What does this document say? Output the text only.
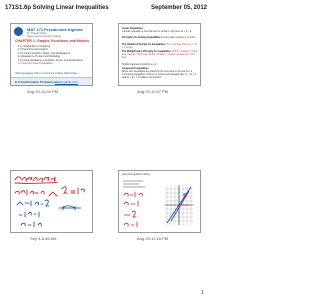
171S1.6p Solving Linear Inequalities	September 05, 2012
MAT 171 Precalculus Algebra
Dr. Claude Moore
Cape Fear Community College
CHAPTER 1: Graphs, Functions, and Models
1.1 Introduction to Graphing
1.2 Functions and Graphs
1.3 Linear Functions, Slope, and Applications
1.4 Equations of Lines and Modeling
1.5 Linear Equations, Functions, Zeros, and Applications
1.6 Solving Linear Inequalities
Objectives/pages with no content are omitted; follow online
E-6 Confirmation Problems in
mathmalinfo.com
Aug 29-10:04 PM
Linear Inequalities
A linear inequality is one that can be written in the form ax + b < 0.
Principles for Solving Inequalities For any real numbers a, b, and c:
The Addition Principle for Inequalities: If a < b is true, then a + c < b + c is true.
The Multiplication Principle for Inequalities: a) If a < b and c > 0 are true, then ac < bc is true. b) If a < b and c < 0 are true, then ac > bc is true.
Similar statements hold for a ≤ b.
Compound Inequalities
When two inequalities are joined by the word and or the word or, a compound inequality is formed. A compound inequality like -3 < 2x + 5 and 2x + 5 ≤ 7 is called a conjunction.
Aug 29-10:07 PM
Sep 4-8:46 AM
Use your graph to solve.
Aug 29-10:16 PM
1
